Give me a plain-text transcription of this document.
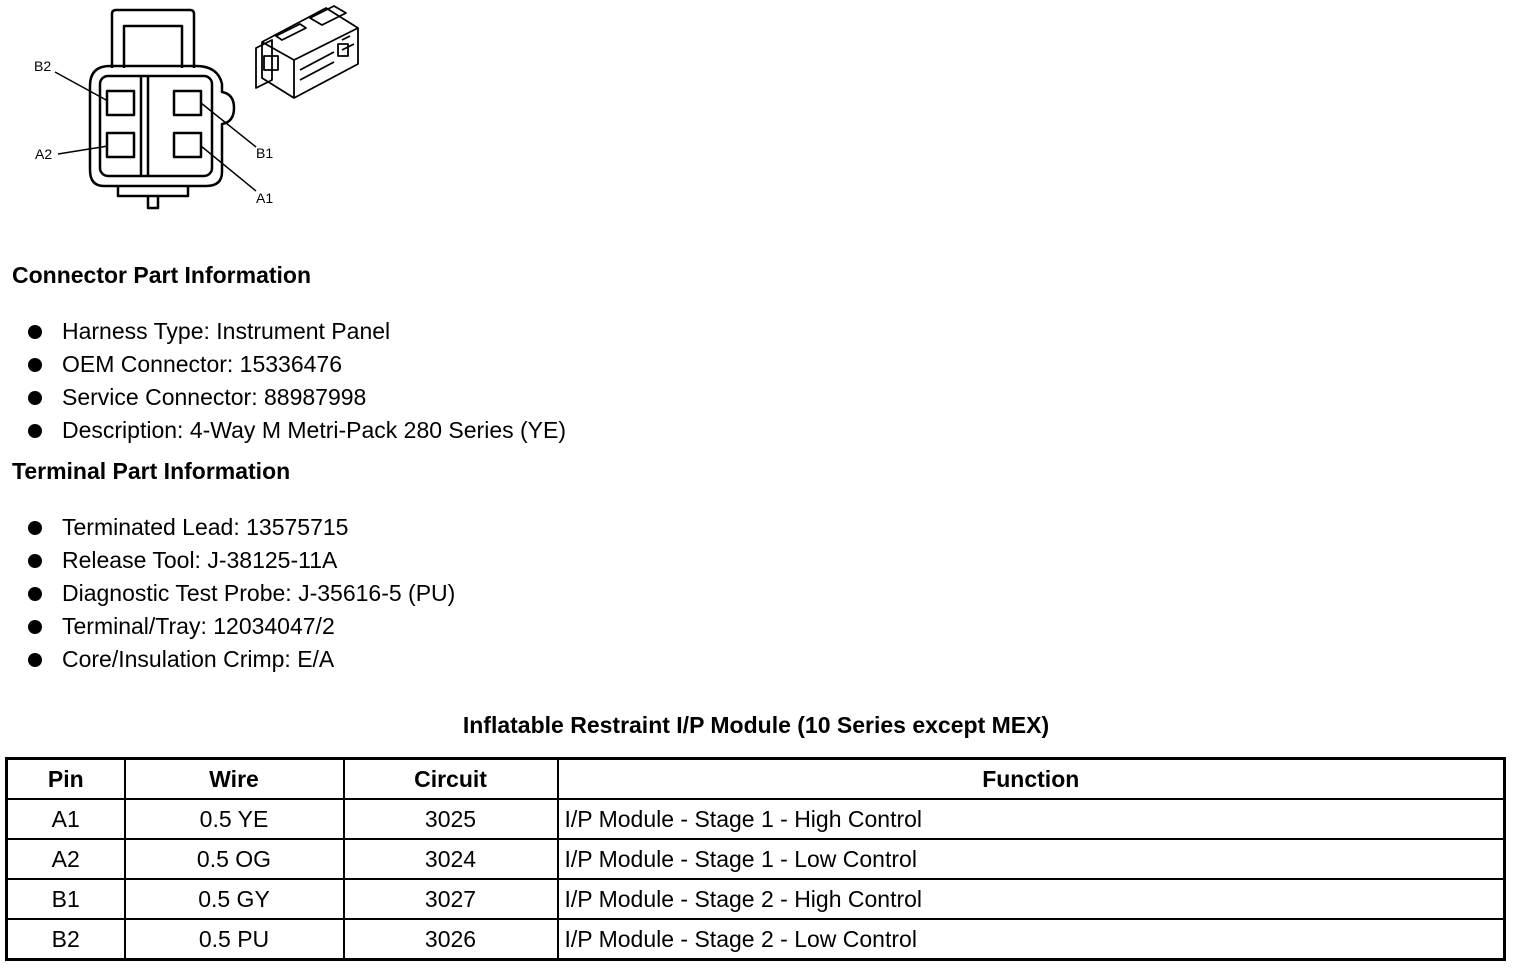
B2
A2	B1
A1
Connector Part Information
Harness Type: Instrument Panel
OEM Connector: 15336476
Service Connector: 88987998
Description: 4-Way M Metri-Pack 280 Series (YE)
Terminal Part Information
Terminated Lead: 13575715
Release Tool: J-38125-11A
Diagnostic Test Probe: J-35616-5 (PU)
Terminal/Tray: 12034047/2
Core/Insulation Crimp: E/A
Inflatable Restraint I/P Module (10 Series except MEX)
Pin	Wire	Circuit	Function
A1	0.5 YE	3025	I/P Module - Stage 1 - High Control
A2	0.5 OG	3024	I/P Module - Stage 1 - Low Control
B1	0.5 GY	3027	I/P Module - Stage 2 - High Control
B2	0.5 PU	3026	I/P Module - Stage 2 - Low Control
